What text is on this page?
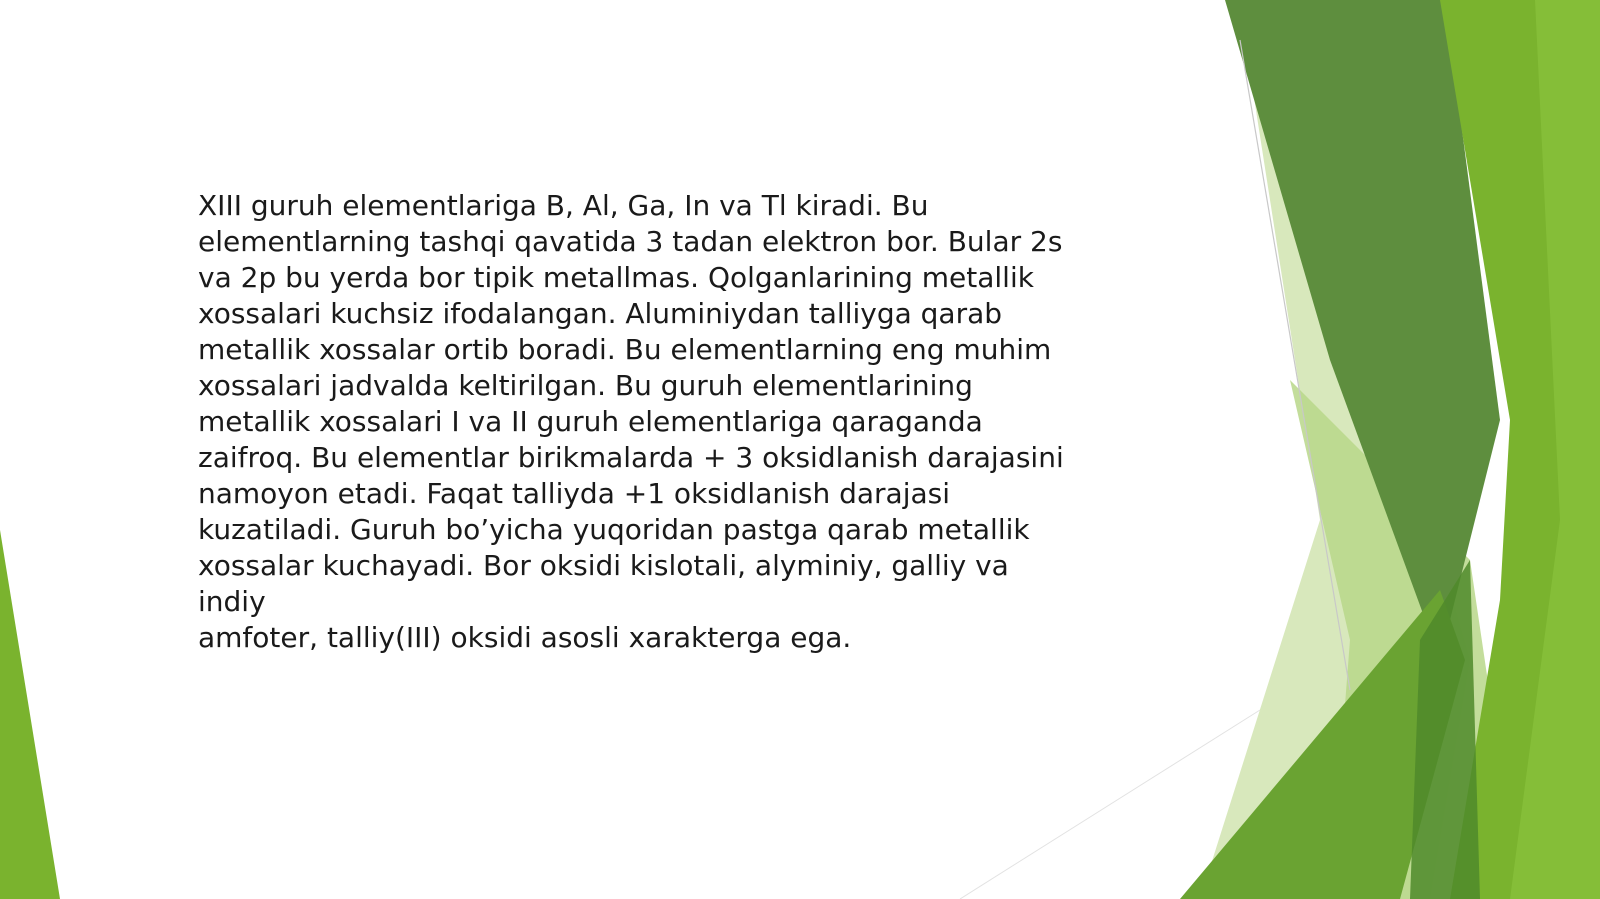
XIII guruh elementlariga B, Al, Ga, In va Tl kiradi. Bu
elementlarning tashqi qavatida 3 tadan elektron bor. Bular 2s
va 2p bu yerda bor tipik metallmas. Qolganlarining metallik
xossalari kuchsiz ifodalangan. Aluminiydan talliyga qarab
metallik xossalar ortib boradi. Bu elementlarning eng muhim
xossalari jadvalda keltirilgan. Bu guruh elementlarining
metallik xossalari I va II guruh elementlariga qaraganda
zaifroq. Bu elementlar birikmalarda + 3 oksidlanish darajasini
namoyon etadi. Faqat talliyda +1 oksidlanish darajasi
kuzatiladi. Guruh bo’yicha yuqoridan pastga qarab metallik
xossalar kuchayadi. Bor oksidi kislotali, alyminiy, galliy va indiy
amfoter, talliy(III) oksidi asosli xarakterga ega.
